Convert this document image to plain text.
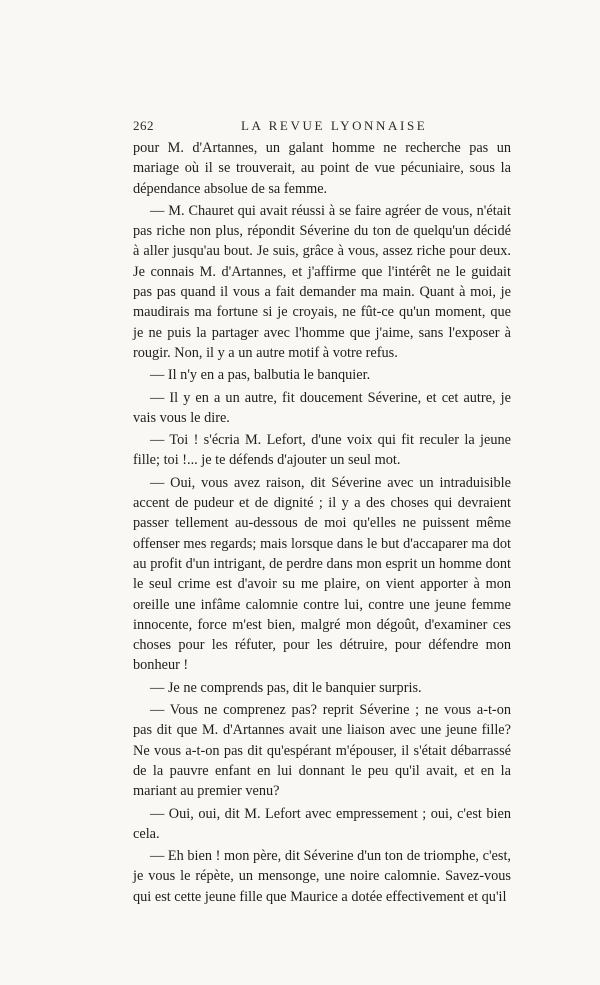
262	LA REVUE LYONNAISE

pour M. d'Artannes, un galant homme ne recherche pas un mariage où il se trouverait, au point de vue pécuniaire, sous la dépendance absolue de sa femme.

— M. Chauret qui avait réussi à se faire agréer de vous, n'était pas riche non plus, répondit Séverine du ton de quelqu'un décidé à aller jusqu'au bout. Je suis, grâce à vous, assez riche pour deux. Je connais M. d'Artannes, et j'affirme que l'intérêt ne le guidait pas pas quand il vous a fait demander ma main. Quant à moi, je maudirais ma fortune si je croyais, ne fût-ce qu'un moment, que je ne puis la partager avec l'homme que j'aime, sans l'exposer à rougir. Non, il y a un autre motif à votre refus.

— Il n'y en a pas, balbutia le banquier.

— Il y en a un autre, fit doucement Séverine, et cet autre, je vais vous le dire.

— Toi ! s'écria M. Lefort, d'une voix qui fit reculer la jeune fille; toi !... je te défends d'ajouter un seul mot.

— Oui, vous avez raison, dit Séverine avec un intraduisible accent de pudeur et de dignité ; il y a des choses qui devraient passer tellement au-dessous de moi qu'elles ne puissent même offenser mes regards; mais lorsque dans le but d'accaparer ma dot au profit d'un intrigant, de perdre dans mon esprit un homme dont le seul crime est d'avoir su me plaire, on vient apporter à mon oreille une infâme calomnie contre lui, contre une jeune femme innocente, force m'est bien, malgré mon dégoût, d'examiner ces choses pour les réfuter, pour les détruire, pour défendre mon bonheur !

— Je ne comprends pas, dit le banquier surpris.

— Vous ne comprenez pas? reprit Séverine ; ne vous a-t-on pas dit que M. d'Artannes avait une liaison avec une jeune fille? Ne vous a-t-on pas dit qu'espérant m'épouser, il s'était débarrassé de la pauvre enfant en lui donnant le peu qu'il avait, et en la mariant au premier venu?

— Oui, oui, dit M. Lefort avec empressement ; oui, c'est bien cela.

— Eh bien ! mon père, dit Séverine d'un ton de triomphe, c'est, je vous le répète, un mensonge, une noire calomnie. Savez-vous qui est cette jeune fille que Maurice a dotée effectivement et qu'il
